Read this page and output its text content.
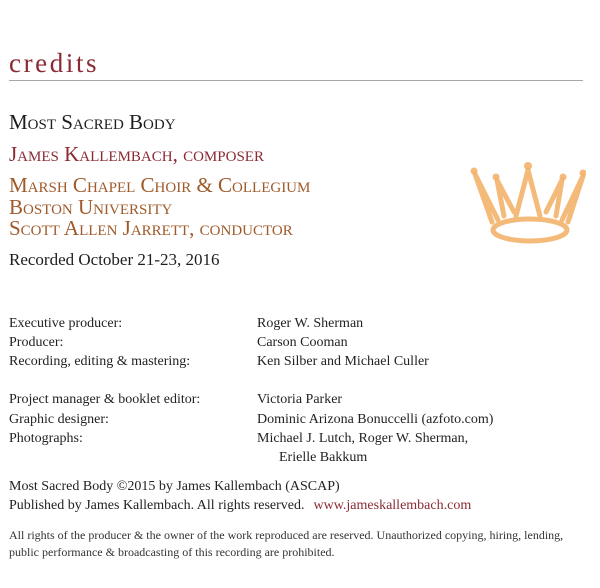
credits

Most Sacred Body

James Kallembach, composer

Marsh Chapel Choir & Collegium

Boston University

Scott Allen Jarrett, conductor

Recorded October 21-23, 2016

Executive producer:	Roger W. Sherman
Producer:	Carson Cooman
Recording, editing & mastering:	Ken Silber and Michael Culler
Project manager & booklet editor:	Victoria Parker
Graphic designer:	Dominic Arizona Bonuccelli (azfoto.com)
Photographs:	Michael J. Lutch, Roger W. Sherman,
Erielle Bakkum
Most Sacred Body ©2015 by James Kallembach (ASCAP)
Published by James Kallembach. All rights reserved. www.jameskallembach.com

All rights of the producer & the owner of the work reproduced are reserved. Unauthorized copying, hiring, lending, public performance & broadcasting of this recording are prohibited.
